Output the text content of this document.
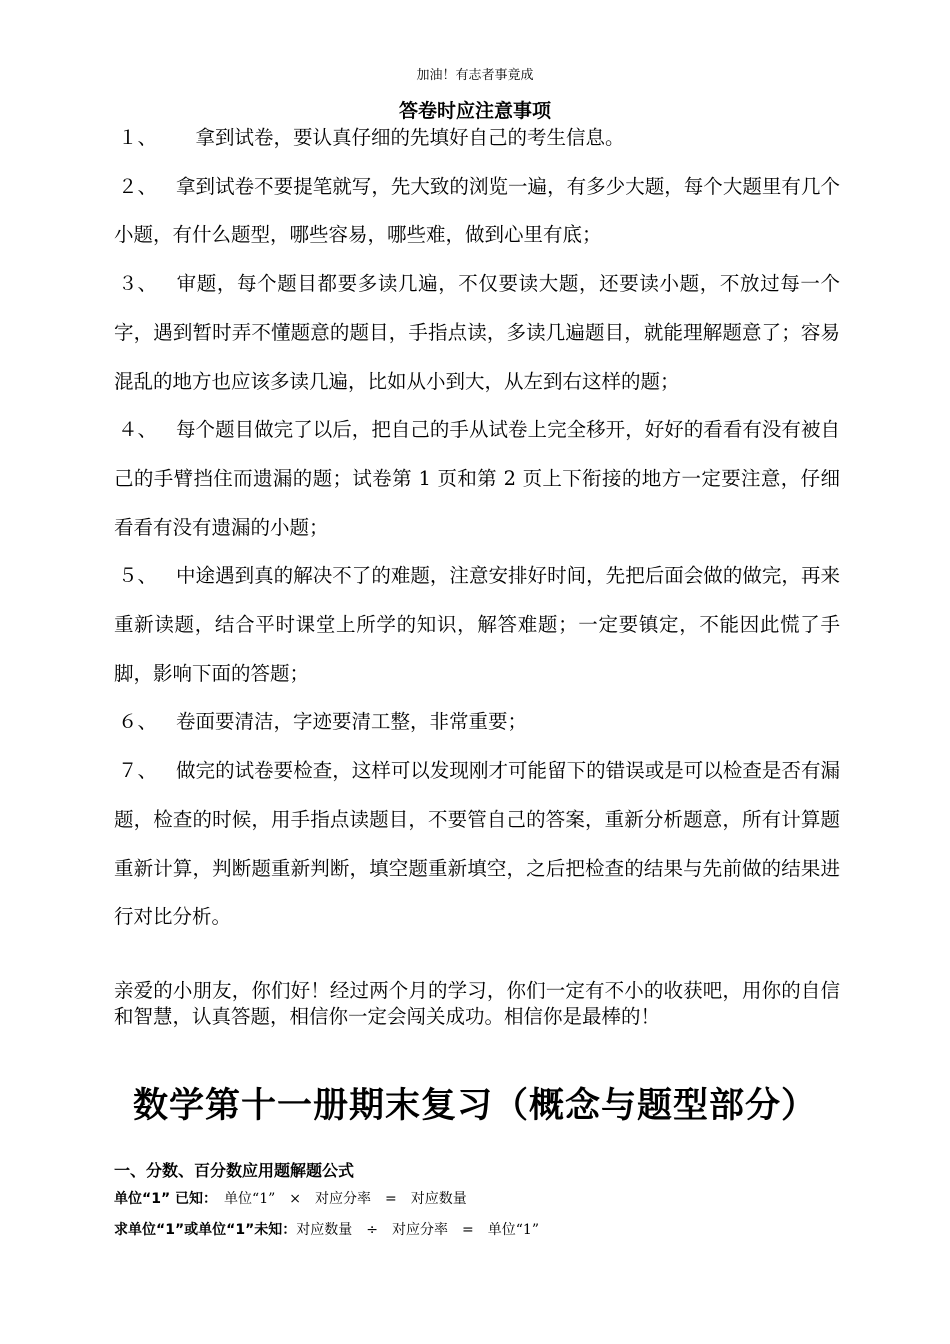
加油！有志者事竟成
答卷时应注意事项

１、　拿到试卷，要认真仔细的先填好自己的考生信息。

２、 拿到试卷不要提笔就写，先大致的浏览一遍，有多少大题，每个大题里有几个小题，有什么题型，哪些容易，哪些难，做到心里有底；

３、 审题，每个题目都要多读几遍，不仅要读大题，还要读小题，不放过每一个字，遇到暂时弄不懂题意的题目，手指点读，多读几遍题目，就能理解题意了；容易混乱的地方也应该多读几遍，比如从小到大，从左到右这样的题；

４、 每个题目做完了以后，把自己的手从试卷上完全移开，好好的看看有没有被自己的手臂挡住而遗漏的题；试卷第 1 页和第 2 页上下衔接的地方一定要注意，仔细看看有没有遗漏的小题；

５、 中途遇到真的解决不了的难题，注意安排好时间，先把后面会做的做完，再来重新读题，结合平时课堂上所学的知识，解答难题；一定要镇定，不能因此慌了手脚，影响下面的答题；

６、 卷面要清洁，字迹要清工整，非常重要；

７、 做完的试卷要检查，这样可以发现刚才可能留下的错误或是可以检查是否有漏题，检查的时候，用手指点读题目，不要管自己的答案，重新分析题意，所有计算题重新计算，判断题重新判断，填空题重新填空，之后把检查的结果与先前做的结果进行对比分析。

亲爱的小朋友，你们好！经过两个月的学习，你们一定有不小的收获吧，用你的自信和智慧，认真答题，相信你一定会闯关成功。相信你是最棒的！
数学第十一册期末复习（概念与题型部分）
一、分数、百分数应用题解题公式
单位“1” 已知：　单位“1”　×　对应分率　=　对应数量
求单位“1”或单位“1”未知：对应数量　÷　对应分率　=　单位“1”
